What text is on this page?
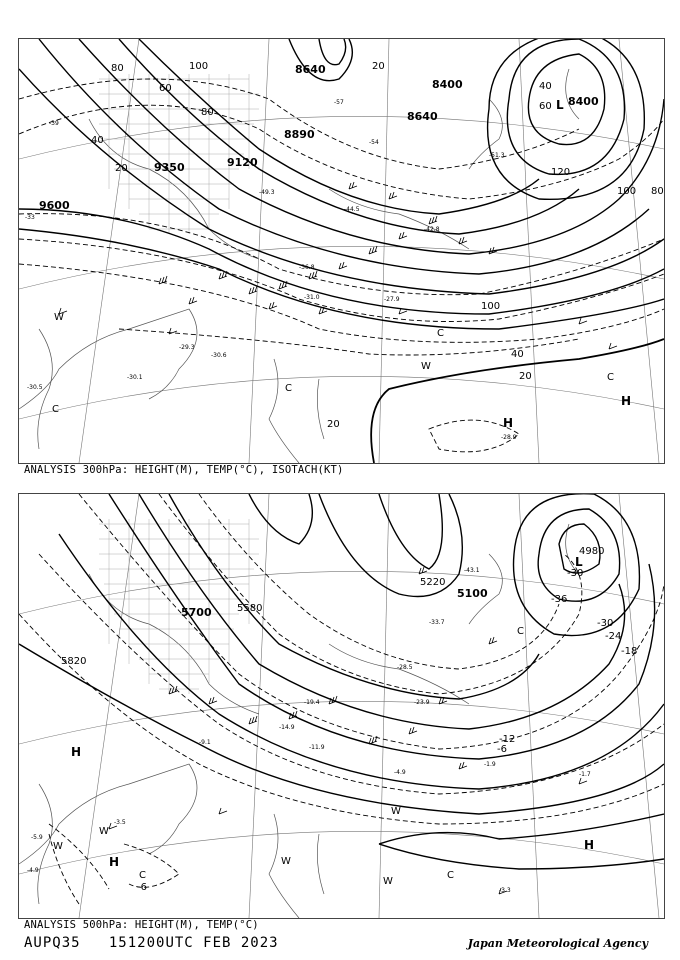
8640
8400
8400
8640
8890
9120
9350
9600
80
60
40
20
100
80
120
100 80
60
40
20
40
20
100
20
-57
-54
-51.3
-49.3
-44.5
-42.8
-36.8
-31.0	-27.9
-29.3
-30.5
-30.1
-28.9
-30.6
-33
-39
L
H
H
W
W
C
C
C
C
ANALYSIS 300hPa: HEIGHT(M), TEMP(°C), ISOTACH(KT)
5700	5580
5820
5220
5100
4980
-30
-36
-30
-24
-18
-12
-6
-6
-43.1
-33.7
-28.5
-23.9
-19.4
-14.9
-11.9
-9.1
-4.9
-1.9
-1.7
-3.3
-5.9
-4.9
-3.5
L
H
H
H
W
W
W
W
W
C	C
C
ANALYSIS 500hPa: HEIGHT(M), TEMP(°C)
AUPQ35 151200UTC FEB 2023	Japan Meteorological Agency
